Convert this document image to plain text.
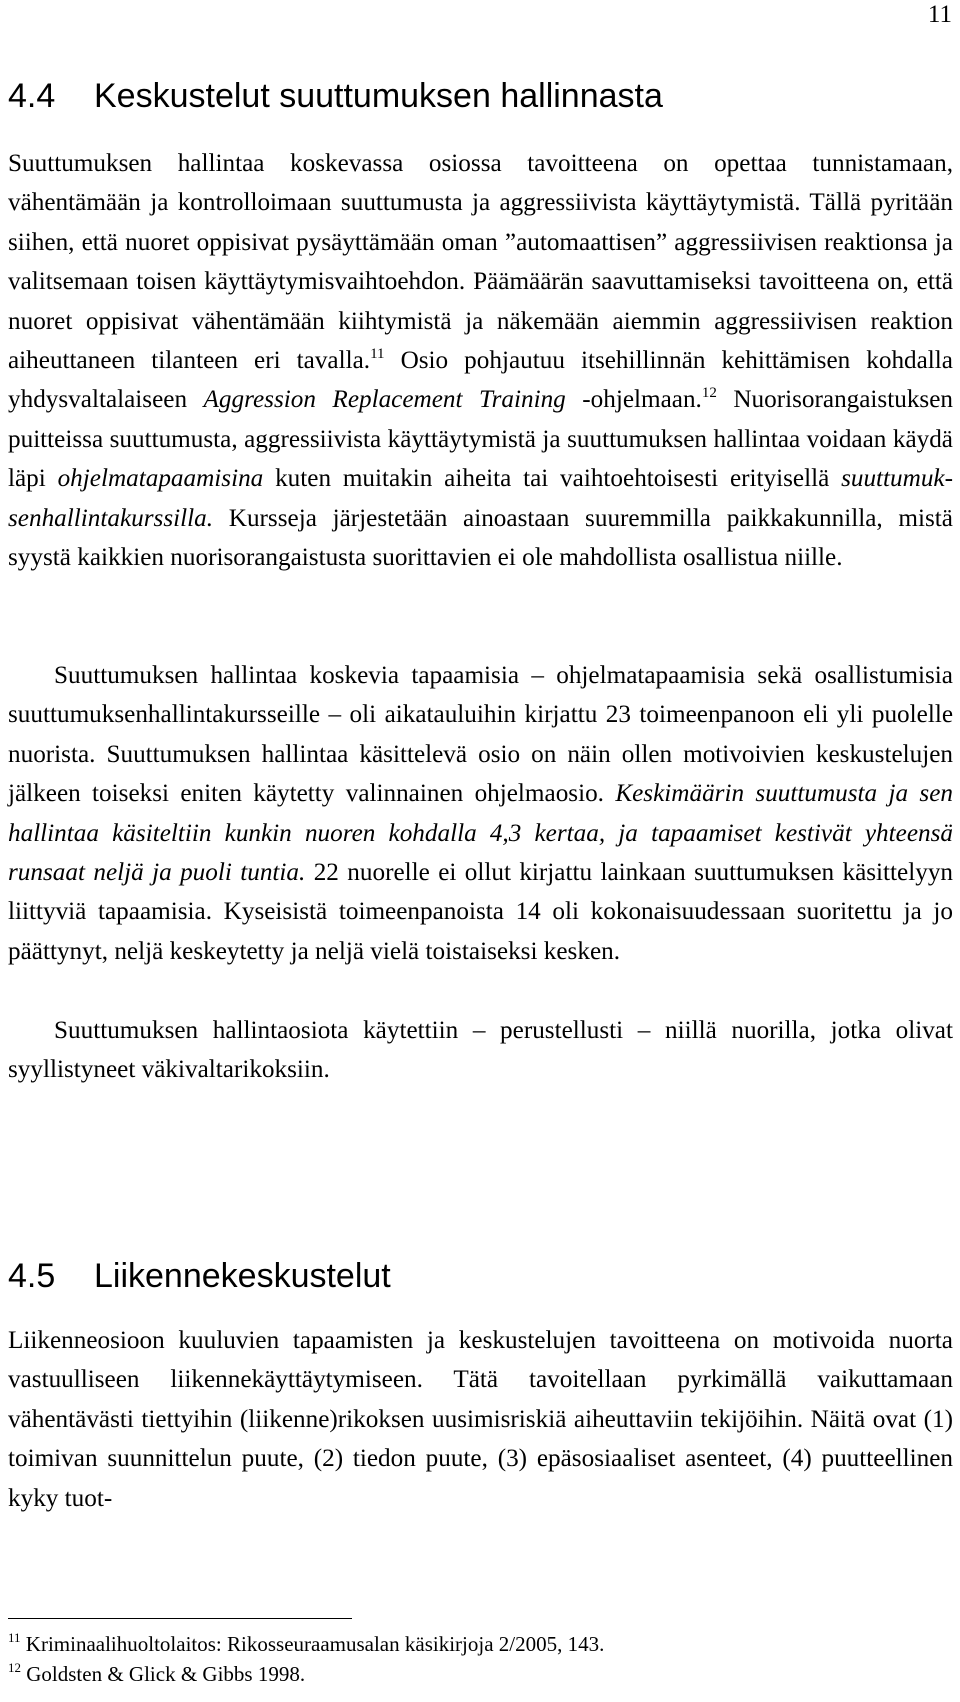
11
4.4 Keskustelut suuttumuksen hallinnasta

Suuttumuksen hallintaa koskevassa osiossa tavoitteena on opettaa tunnistamaan, vähentämään ja kontrolloimaan suuttumusta ja aggressiivista käyttäytymistä. Tällä pyritään siihen, että nuoret oppisivat pysäyttämään oman ”automaattisen” aggressiivisen reaktionsa ja valitsemaan toisen käyttäytymisvaihtoehdon. Päämäärän saavuttamiseksi tavoitteena on, että nuoret oppisivat vähentämään kiihtymistä ja näkemään aiemmin aggressiivisen reaktion aiheuttaneen tilanteen eri tavalla.$^{11}$ Osio pohjautuu itsehillinnän kehittämisen kohdalla yhdysvaltalaiseen Aggression Replacement Training -ohjelmaan.$^{12}$ Nuorisorangaistuksen puitteissa suuttumusta, aggressiivista käyttäytymistä ja suuttumuksen hallintaa voidaan käydä läpi ohjelmatapaamisina kuten muitakin aiheita tai vaihtoehtoisesti erityisellä suuttumuksenhallintakurssilla. Kursseja järjestetään ainoastaan suuremmilla paikkakunnilla, mistä syystä kaikkien nuorisorangaistusta suorittavien ei ole mahdollista osallistua niille.

Suuttumuksen hallintaa koskevia tapaamisia – ohjelmatapaamisia sekä osallistumisia suuttumuksenhallintakursseille – oli aikatauluihin kirjattu 23 toimeenpanoon eli yli puolelle nuorista. Suuttumuksen hallintaa käsittelevä osio on näin ollen motivoivien keskustelujen jälkeen toiseksi eniten käytetty valinnainen ohjelmaosio. Keskimäärin suuttumusta ja sen hallintaa käsiteltiin kunkin nuoren kohdalla 4,3 kertaa, ja tapaamiset kestivät yhteensä runsaat neljä ja puoli tuntia. 22 nuorelle ei ollut kirjattu lainkaan suuttumuksen käsittelyyn liittyviä tapaamisia. Kyseisistä toimeenpanoista 14 oli kokonaisuudessaan suoritettu ja jo päättynyt, neljä keskeytetty ja neljä vielä toistaiseksi kesken.

Suuttumuksen hallintaosiota käytettiin – perustellusti – niillä nuorilla, jotka olivat syyllistyneet väkivaltarikoksiin.

4.5 Liikennekeskustelut

Liikenneosioon kuuluvien tapaamisten ja keskustelujen tavoitteena on motivoida nuorta vastuulliseen liikennekäyttäytymiseen. Tätä tavoitellaan pyrkimällä vaikuttamaan vähentävästi tiettyihin (liikenne)rikoksen uusimisriskiä aiheuttaviin tekijöihin. Näitä ovat (1) toimivan suunnittelun puute, (2) tiedon puute, (3) epäsosiaaliset asenteet, (4) puutteellinen kyky tuot-

$^{11}$ Kriminaalihuoltolaitos: Rikosseuraamusalan käsikirjoja 2/2005, 143.
$^{12}$ Goldsten & Glick & Gibbs 1998.
